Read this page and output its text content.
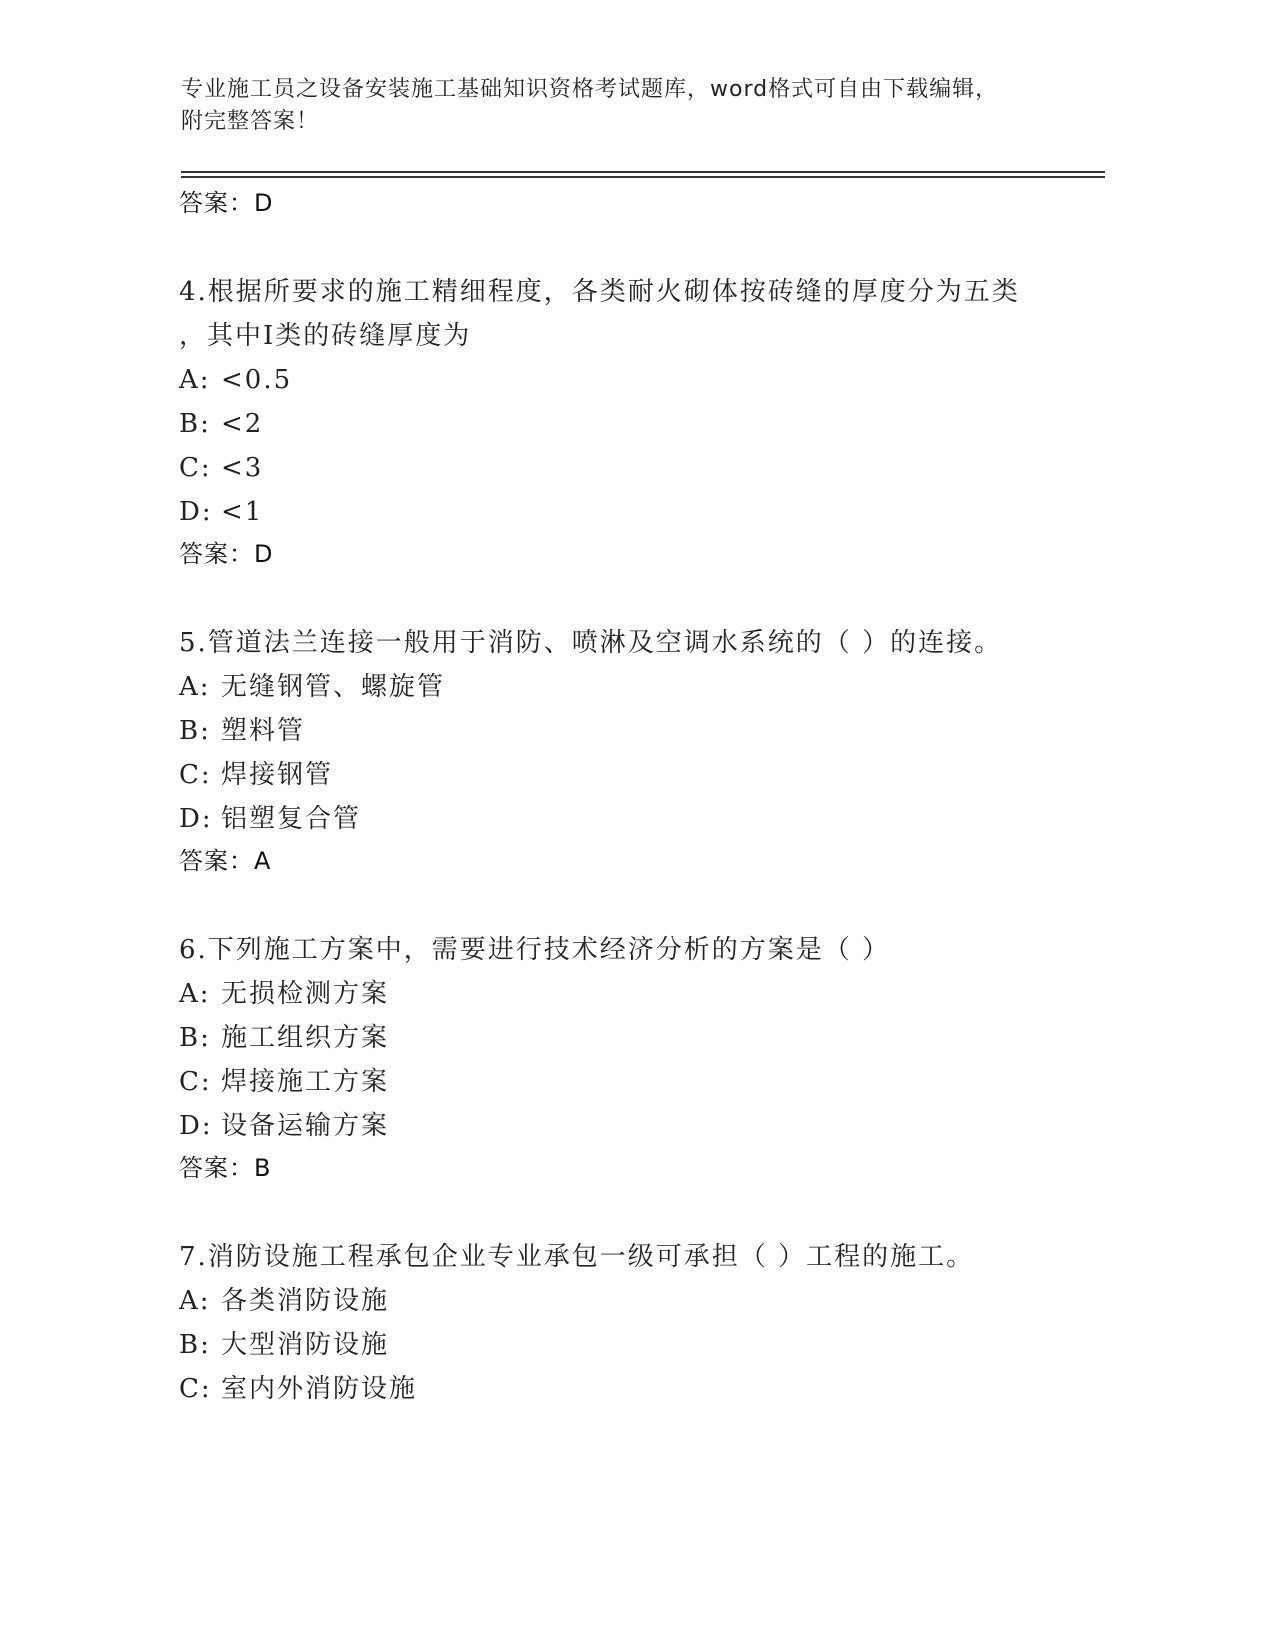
专业施工员之设备安装施工基础知识资格考试题库，word格式可自由下载编辑，
附完整答案！

答案：D

4.根据所要求的施工精细程度，各类耐火砌体按砖缝的厚度分为五类

，其中Ⅰ类的砖缝厚度为

A: <0.5

B: <2

C: <3

D: <1

答案：D

5.管道法兰连接一般用于消防、喷淋及空调水系统的（ ）的连接。

A: 无缝钢管、螺旋管

B: 塑料管

C: 焊接钢管

D: 铝塑复合管

答案：A

6.下列施工方案中，需要进行技术经济分析的方案是（ ）

A: 无损检测方案

B: 施工组织方案

C: 焊接施工方案

D: 设备运输方案

答案：B

7.消防设施工程承包企业专业承包一级可承担（ ）工程的施工。

A: 各类消防设施

B: 大型消防设施

C: 室内外消防设施
